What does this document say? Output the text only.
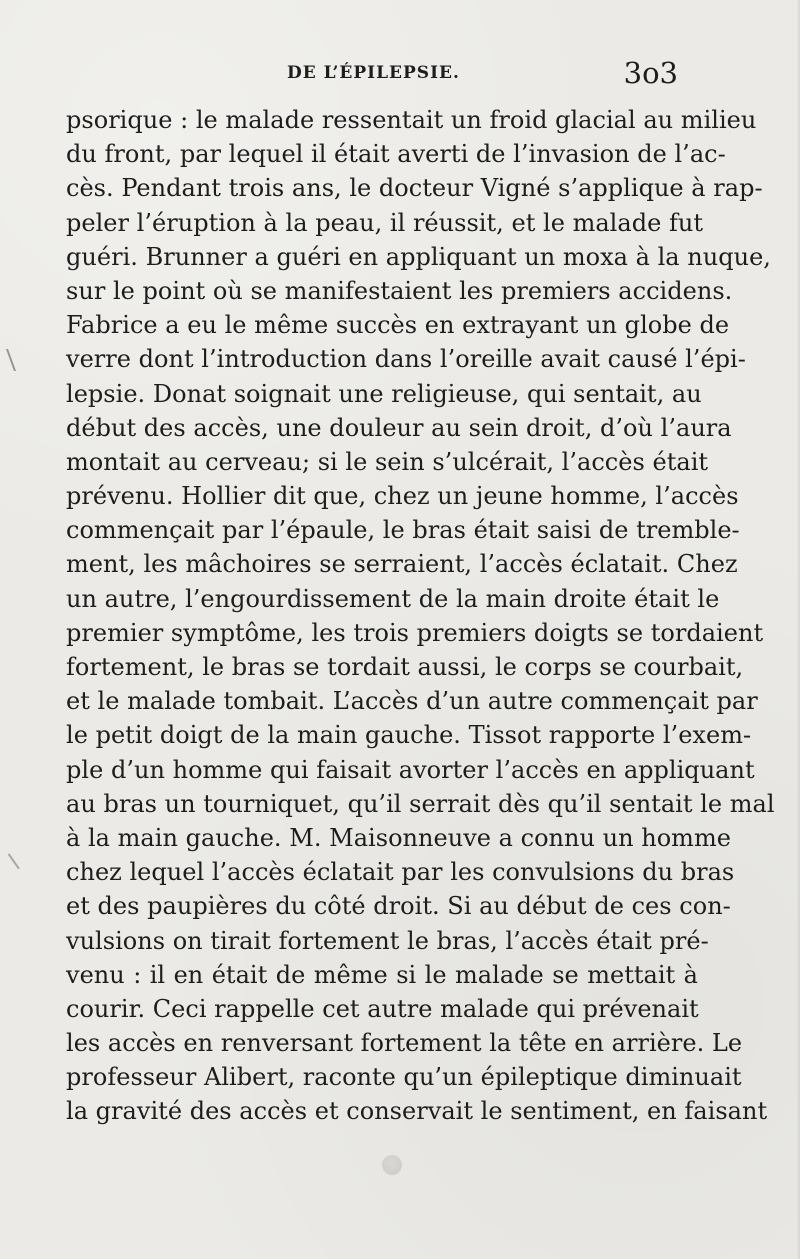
DE L’ÉPILEPSIE.	3o3
psorique : le malade ressentait un froid glacial au milieu
du front, par lequel il était averti de l’invasion de l’ac-
cès. Pendant trois ans, le docteur Vigné s’applique à rap-
peler l’éruption à la peau, il réussit, et le malade fut
guéri. Brunner a guéri en appliquant un moxa à la nuque,
sur le point où se manifestaient les premiers accidens.
Fabrice a eu le même succès en extrayant un globe de
verre dont l’introduction dans l’oreille avait causé l’épi-
lepsie. Donat soignait une religieuse, qui sentait, au
début des accès, une douleur au sein droit, d’où l’aura
montait au cerveau; si le sein s’ulcérait, l’accès était
prévenu. Hollier dit que, chez un jeune homme, l’accès
commençait par l’épaule, le bras était saisi de tremble-
ment, les mâchoires se serraient, l’accès éclatait. Chez
un autre, l’engourdissement de la main droite était le
premier symptôme, les trois premiers doigts se tordaient
fortement, le bras se tordait aussi, le corps se courbait,
et le malade tombait. L’accès d’un autre commençait par
le petit doigt de la main gauche. Tissot rapporte l’exem-
ple d’un homme qui faisait avorter l’accès en appliquant
au bras un tourniquet, qu’il serrait dès qu’il sentait le mal
à la main gauche. M. Maisonneuve a connu un homme
chez lequel l’accès éclatait par les convulsions du bras
et des paupières du côté droit. Si au début de ces con-
vulsions on tirait fortement le bras, l’accès était pré-
venu : il en était de même si le malade se mettait à
courir. Ceci rappelle cet autre malade qui prévenait
les accès en renversant fortement la tête en arrière. Le
professeur Alibert, raconte qu’un épileptique diminuait
la gravité des accès et conservait le sentiment, en faisant
